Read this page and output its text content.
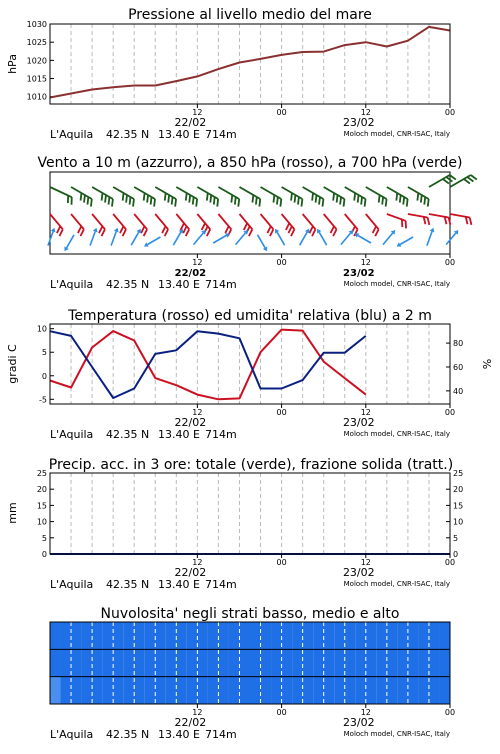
Pressione al livello medio del mare
hPa
1010
1015
1020
1025
1030
12	00	12	00
22/02	23/02
L'Aquila 42.35 N 13.40 E 714m	Moloch model, CNR-ISAC, Italy
Vento a 10 m (azzurro), a 850 hPa (rosso), a 700 hPa (verde)
12	00	12	00
22/02	23/02
L'Aquila 42.35 N 13.40 E 714m	Moloch model, CNR-ISAC, Italy
Temperatura (rosso) ed umidita' relativa (blu) a 2 m
gradi C	%
10
5
0
-5
80
60
40
12	00	12	00
22/02	23/02
L'Aquila 42.35 N 13.40 E 714m	Moloch model, CNR-ISAC, Italy
Precip. acc. in 3 ore: totale (verde), frazione solida (tratt.)
mm
0
5
10
15
20
25
0
5
10
15
20
25
12	00	12	00
22/02	23/02
L'Aquila 42.35 N 13.40 E 714m	Moloch model, CNR-ISAC, Italy
Nuvolosita' negli strati basso, medio e alto
12	00	12	00
22/02	23/02
L'Aquila 42.35 N 13.40 E 714m	Moloch model, CNR-ISAC, Italy
